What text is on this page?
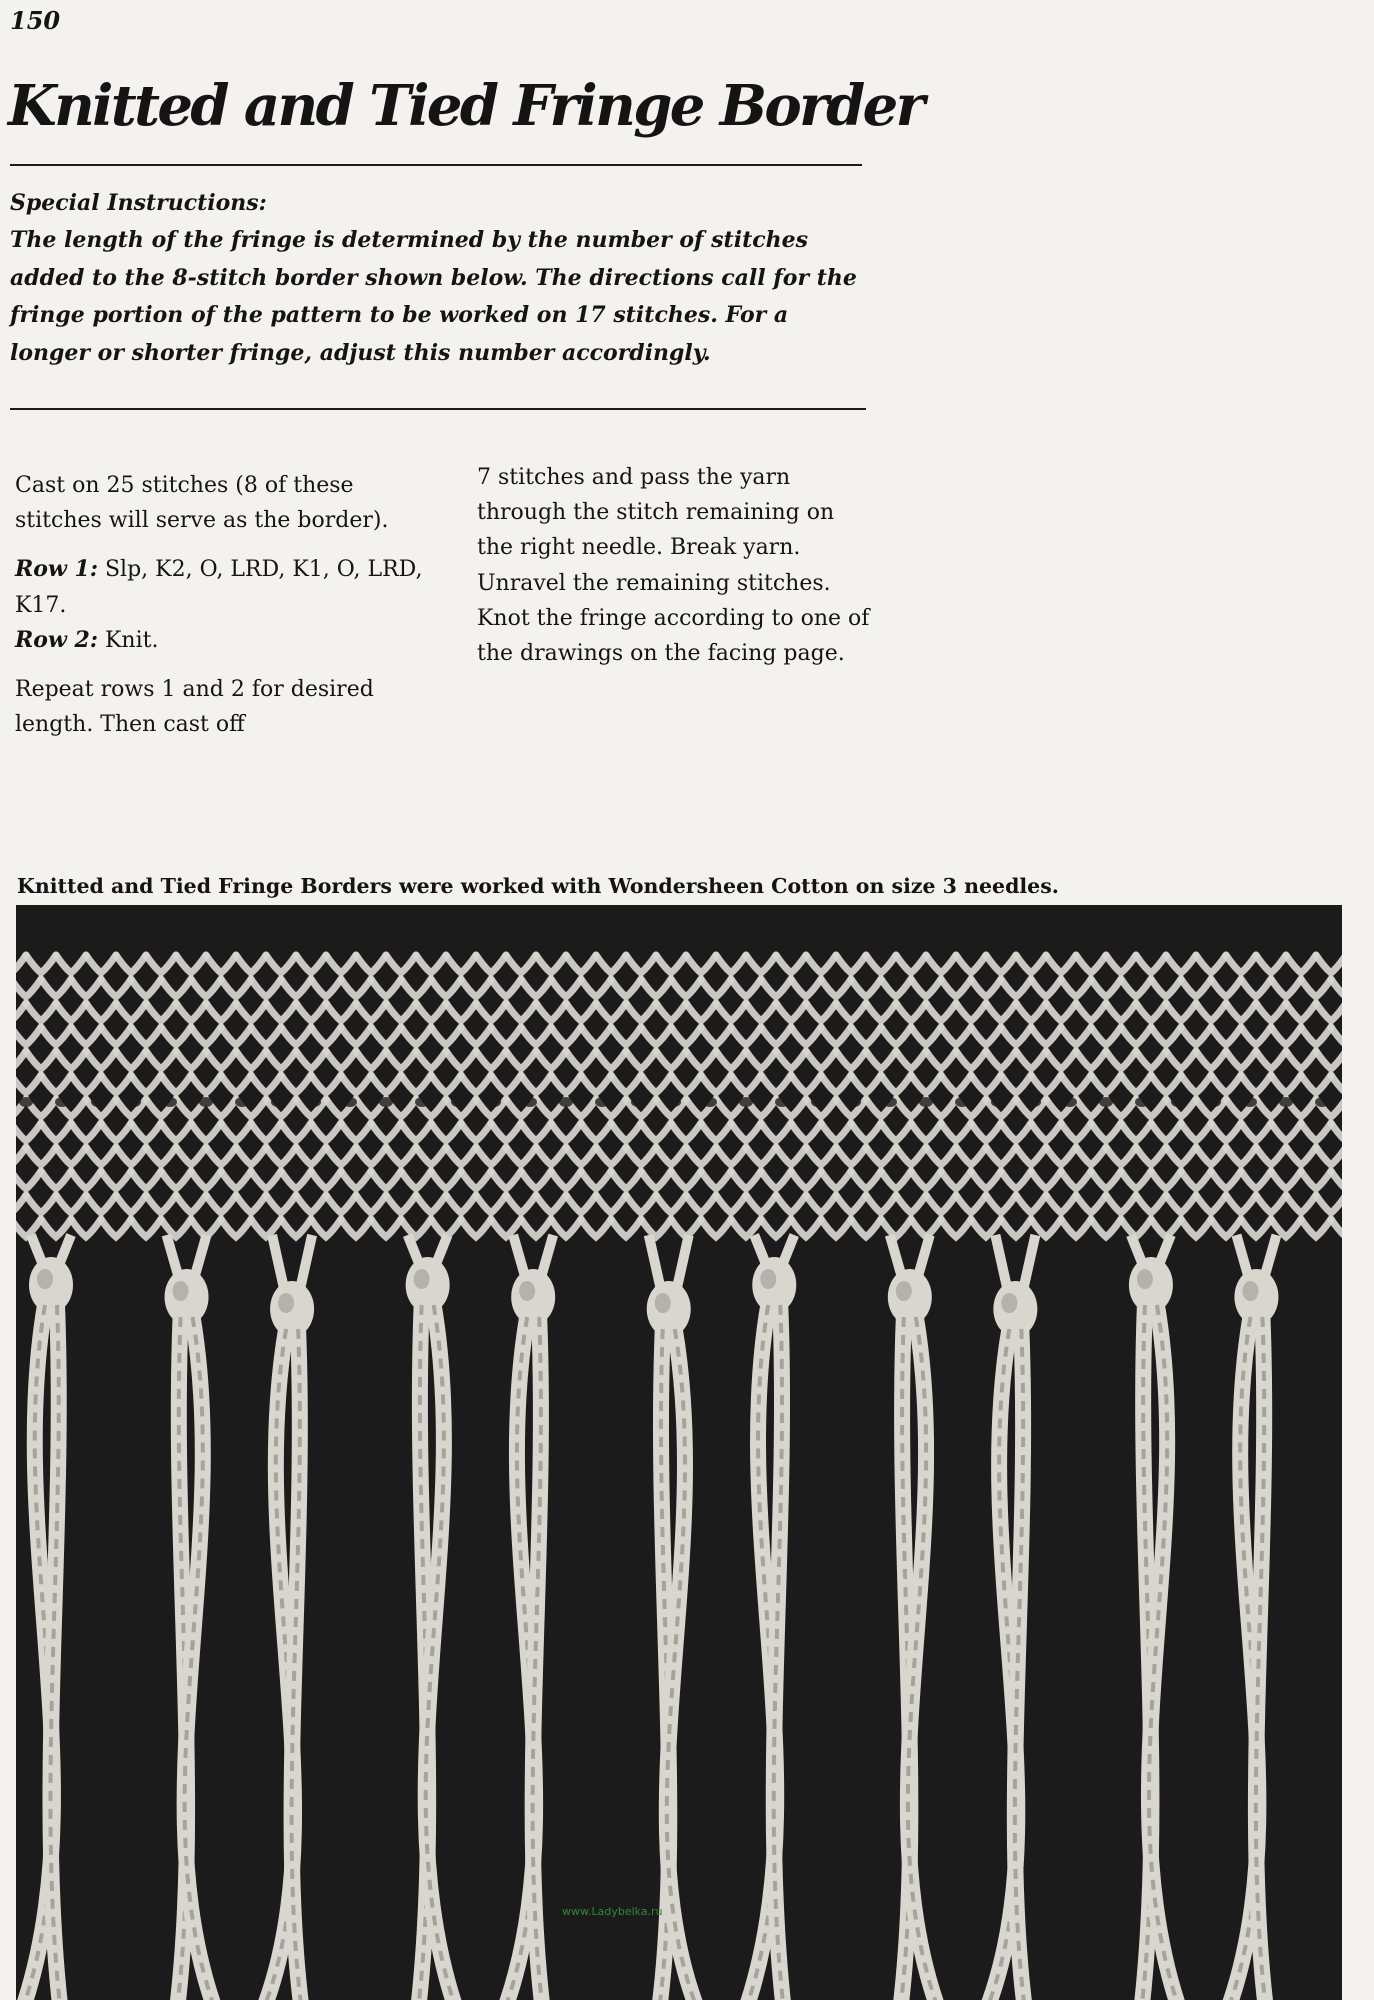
150
Knitted and Tied Fringe Border
Special Instructions:
The length of the fringe is determined by the number of stitches added to the 8-stitch border shown below. The directions call for the fringe portion of the pattern to be worked on 17 stitches. For a longer or shorter fringe, adjust this number accordingly.

Cast on 25 stitches (8 of these stitches will serve as the border).

Row 1: Slp, K2, O, LRD, K1, O, LRD, K17.

Row 2: Knit.

Repeat rows 1 and 2 for desired length. Then cast off

7 stitches and pass the yarn through the stitch remaining on the right needle. Break yarn. Unravel the remaining stitches.

Knot the fringe according to one of the drawings on the facing page.

Knitted and Tied Fringe Borders were worked with Wondersheen Cotton on size 3 needles.
www.Ladybelka.ru
